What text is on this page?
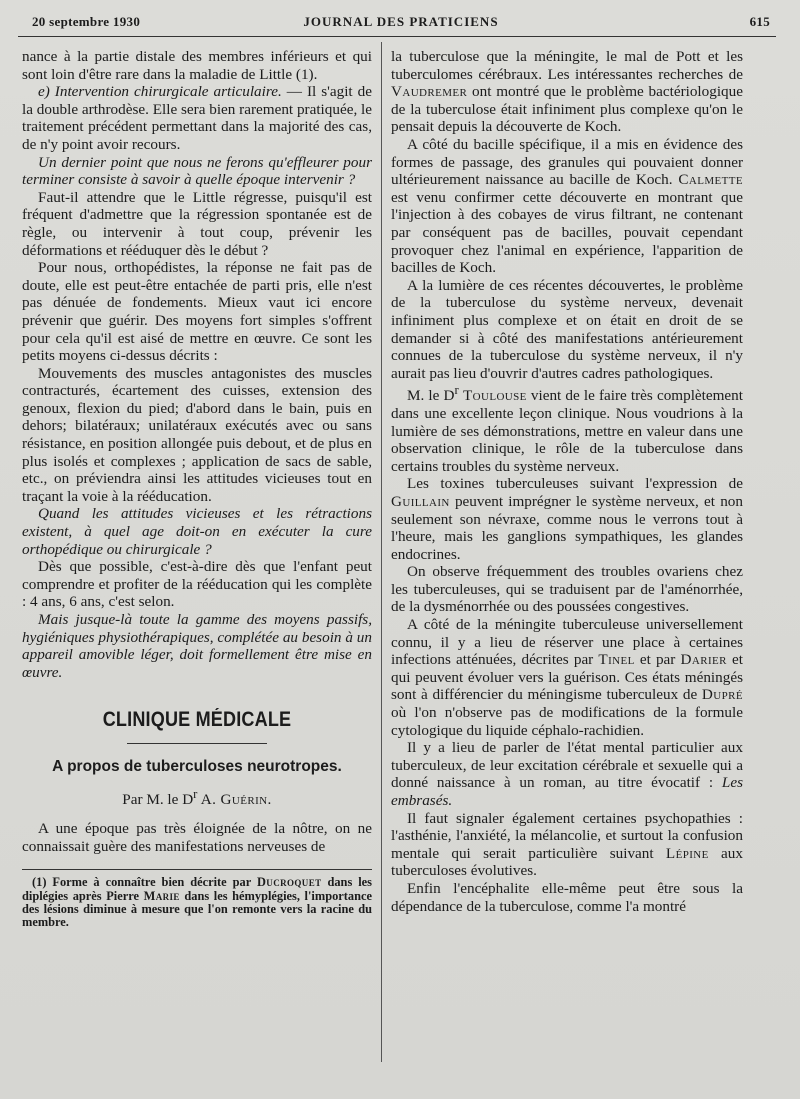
20 septembre 1930	JOURNAL DES PRATICIENS	615

nance à la partie distale des membres inférieurs et qui sont loin d'être rare dans la maladie de Little (1).

e) Intervention chirurgicale articulaire. — Il s'agit de la double arthrodèse. Elle sera bien rarement pratiquée, le traitement précédent permettant dans la majorité des cas, de n'y point avoir recours.

Un dernier point que nous ne ferons qu'effleurer pour terminer consiste à savoir à quelle époque intervenir ?

Faut-il attendre que le Little régresse, puisqu'il est fréquent d'admettre que la régression spontanée est de règle, ou intervenir à tout coup, prévenir les déformations et rééduquer dès le début ?

Pour nous, orthopédistes, la réponse ne fait pas de doute, elle est peut-être entachée de parti pris, elle n'est pas dénuée de fondements. Mieux vaut ici encore prévenir que guérir. Des moyens fort simples s'offrent pour cela qu'il est aisé de mettre en œuvre. Ce sont les petits moyens ci-dessus décrits :

Mouvements des muscles antagonistes des muscles contracturés, écartement des cuisses, extension des genoux, flexion du pied; d'abord dans le bain, puis en dehors; bilatéraux; unilatéraux exécutés avec ou sans résistance, en position allongée puis debout, et de plus en plus isolés et complexes ; application de sacs de sable, etc., on préviendra ainsi les attitudes vicieuses tout en traçant la voie à la rééducation.

Quand les attitudes vicieuses et les rétractions existent, à quel age doit-on en exécuter la cure orthopédique ou chirurgicale ?

Dès que possible, c'est-à-dire dès que l'enfant peut comprendre et profiter de la rééducation qui les complète : 4 ans, 6 ans, c'est selon.

Mais jusque-là toute la gamme des moyens passifs, hygiéniques physiothérapiques, complétée au besoin à un appareil amovible léger, doit formellement être mise en œuvre.

CLINIQUE MÉDICALE
A propos de tuberculoses neurotropes.
Par M. le $D^r$ A. Guérin.

A une époque pas très éloignée de la nôtre, on ne connaissait guère des manifestations nerveuses de

(1) Forme à connaître bien décrite par Ducroquet dans les diplégies après Pierre Marie dans les hémyplégies, l'importance des lésions diminue à mesure que l'on remonte vers la racine du membre.

la tuberculose que la méningite, le mal de Pott et les tuberculomes cérébraux. Les intéressantes recherches de Vaudremer ont montré que le problème bactériologique de la tuberculose était infiniment plus complexe qu'on le pensait depuis la découverte de Koch.

A côté du bacille spécifique, il a mis en évidence des formes de passage, des granules qui pouvaient donner ultérieurement naissance au bacille de Koch. Calmette est venu confirmer cette découverte en montrant que l'injection à des cobayes de virus filtrant, ne contenant par conséquent pas de bacilles, pouvait cependant provoquer chez l'animal en expérience, l'apparition de bacilles de Koch.

A la lumière de ces récentes découvertes, le problème de la tuberculose du système nerveux, devenait infiniment plus complexe et on était en droit de se demander si à côté des manifestations antérieurement connues de la tuberculose du système nerveux, il n'y aurait pas lieu d'ouvrir d'autres cadres pathologiques.

M. le $D^r$ Toulouse vient de le faire très complètement dans une excellente leçon clinique. Nous voudrions à la lumière de ses démonstrations, mettre en valeur dans une observation clinique, le rôle de la tuberculose dans certains troubles du système nerveux.

Les toxines tuberculeuses suivant l'expression de Guillain peuvent imprégner le système nerveux, et non seulement son névraxe, comme nous le verrons tout à l'heure, mais les ganglions sympathiques, les glandes endocrines.

On observe fréquemment des troubles ovariens chez les tuberculeuses, qui se traduisent par de l'aménorrhée, de la dysménorrhée ou des poussées congestives.

A côté de la méningite tuberculeuse universellement connu, il y a lieu de réserver une place à certaines infections atténuées, décrites par Tinel et par Darier et qui peuvent évoluer vers la guérison. Ces états méningés sont à différencier du méningisme tuberculeux de Dupré où l'on n'observe pas de modifications de la formule cytologique du liquide céphalo-rachidien.

Il y a lieu de parler de l'état mental particulier aux tuberculeux, de leur excitation cérébrale et sexuelle qui a donné naissance à un roman, au titre évocatif : Les embrasés.

Il faut signaler également certaines psychopathies : l'asthénie, l'anxiété, la mélancolie, et surtout la confusion mentale qui serait particulière suivant Lépine aux tuberculoses évolutives.

Enfin l'encéphalite elle-même peut être sous la dépendance de la tuberculose, comme l'a montré
